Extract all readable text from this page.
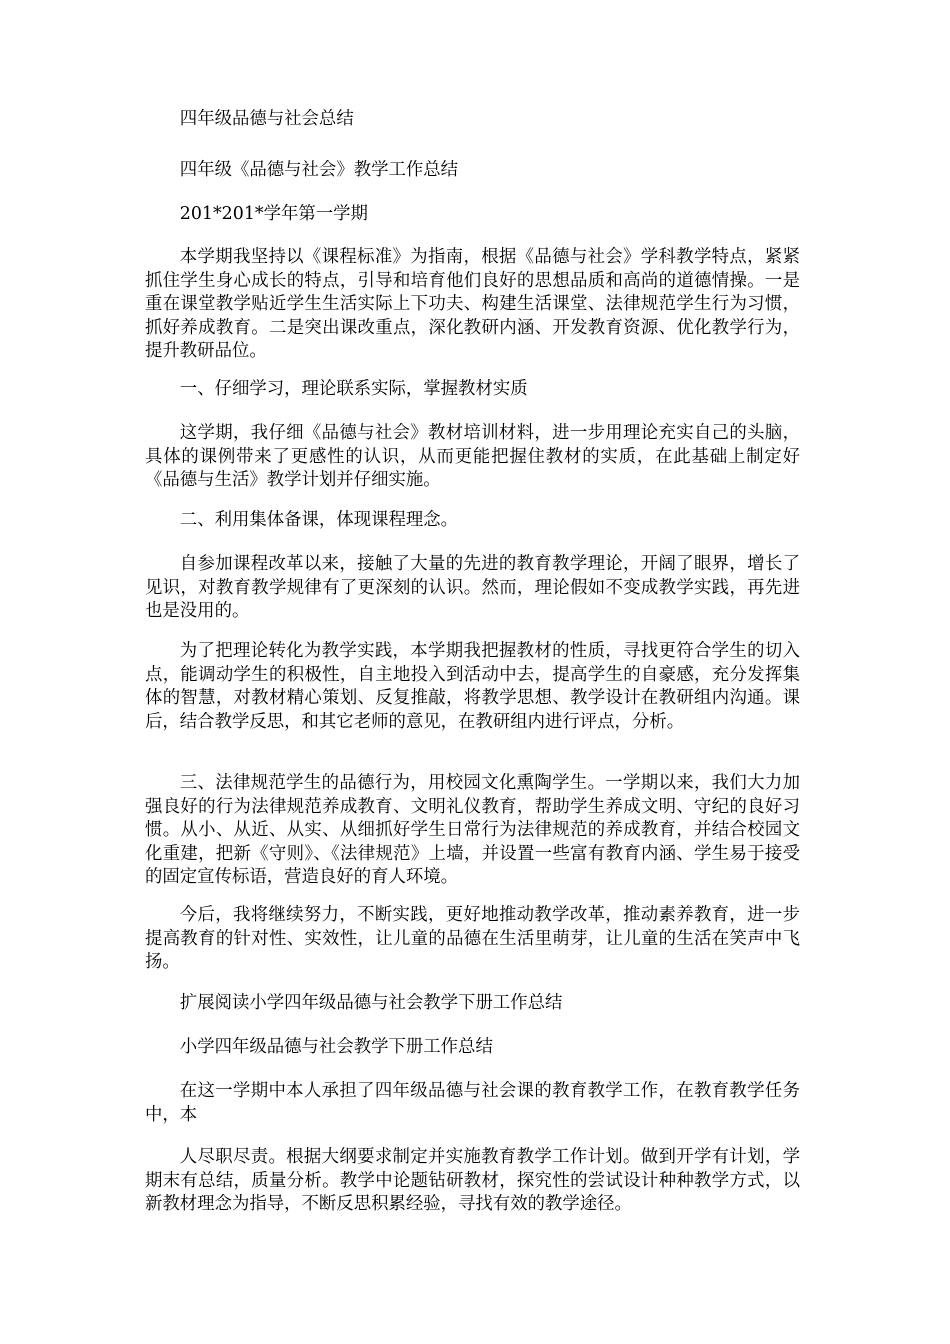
四年级品德与社会总结

四年级《品德与社会》教学工作总结

201*201*学年第一学期

本学期我坚持以《课程标准》为指南，根据《品德与社会》学科教学特点，紧紧抓住学生身心成长的特点，引导和培育他们良好的思想品质和高尚的道德情操。一是重在课堂教学贴近学生生活实际上下功夫、构建生活课堂、法律规范学生行为习惯，抓好养成教育。二是突出课改重点，深化教研内涵、开发教育资源、优化教学行为，提升教研品位。

一、仔细学习，理论联系实际，掌握教材实质

这学期，我仔细《品德与社会》教材培训材料，进一步用理论充实自己的头脑，具体的课例带来了更感性的认识，从而更能把握住教材的实质，在此基础上制定好《品德与生活》教学计划并仔细实施。

二、利用集体备课，体现课程理念。

自参加课程改革以来，接触了大量的先进的教育教学理论，开阔了眼界，增长了见识，对教育教学规律有了更深刻的认识。然而，理论假如不变成教学实践，再先进也是没用的。

为了把理论转化为教学实践，本学期我把握教材的性质，寻找更符合学生的切入点，能调动学生的积极性，自主地投入到活动中去，提高学生的自豪感，充分发挥集体的智慧，对教材精心策划、反复推敲，将教学思想、教学设计在教研组内沟通。课后，结合教学反思，和其它老师的意见，在教研组内进行评点，分析。

三、法律规范学生的品德行为，用校园文化熏陶学生。一学期以来，我们大力加强良好的行为法律规范养成教育、文明礼仪教育，帮助学生养成文明、守纪的良好习惯。从小、从近、从实、从细抓好学生日常行为法律规范的养成教育，并结合校园文化重建，把新《守则》、《法律规范》上墙，并设置一些富有教育内涵、学生易于接受的固定宣传标语，营造良好的育人环境。

今后，我将继续努力，不断实践，更好地推动教学改革，推动素养教育，进一步提高教育的针对性、实效性，让儿童的品德在生活里萌芽，让儿童的生活在笑声中飞扬。

扩展阅读小学四年级品德与社会教学下册工作总结

小学四年级品德与社会教学下册工作总结

在这一学期中本人承担了四年级品德与社会课的教育教学工作，在教育教学任务中，本

人尽职尽责。根据大纲要求制定并实施教育教学工作计划。做到开学有计划，学期末有总结，质量分析。教学中论题钻研教材，探究性的尝试设计种种教学方式，以新教材理念为指导，不断反思积累经验，寻找有效的教学途径。
